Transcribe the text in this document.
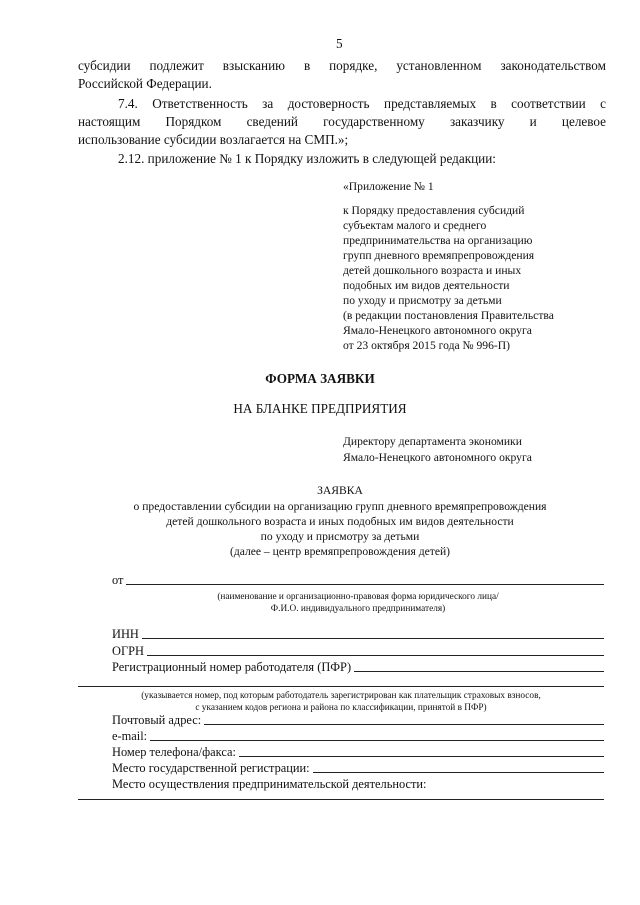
5
субсидии подлежит взысканию в порядке, установленном законодательством
Российской Федерации.
7.4. Ответственность за достоверность представляемых в соответствии с
настоящим Порядком сведений государственному заказчику и целевое
использование субсидии возлагается на СМП.»;
2.12. приложение № 1 к Порядку изложить в следующей редакции:
«Приложение № 1
к Порядку предоставления субсидий
субъектам малого и среднего
предпринимательства на организацию
групп дневного времяпрепровождения
детей дошкольного возраста и иных
подобных им видов деятельности
по уходу и присмотру за детьми
(в редакции постановления Правительства
Ямало-Ненецкого автономного округа
от 23 октября 2015 года № 996-П)
ФОРМА ЗАЯВКИ
НА БЛАНКЕ ПРЕДПРИЯТИЯ
Директору департамента экономики
Ямало-Ненецкого автономного округа
ЗАЯВКА
о предоставлении субсидии на организацию групп дневного времяпрепровождения
детей дошкольного возраста и иных подобных им видов деятельности
по уходу и присмотру за детьми
(далее – центр времяпрепровождения детей)
от
(наименование и организационно-правовая форма юридического лица/
Ф.И.О. индивидуального предпринимателя)
ИНН
ОГРН
Регистрационный номер работодателя (ПФР)
(указывается номер, под которым работодатель зарегистрирован как плательщик страховых взносов,
с указанием кодов региона и района по классификации, принятой в ПФР)
Почтовый адрес:
e-mail:
Номер телефона/факса:
Место государственной регистрации:
Место осуществления предпринимательской деятельности:
